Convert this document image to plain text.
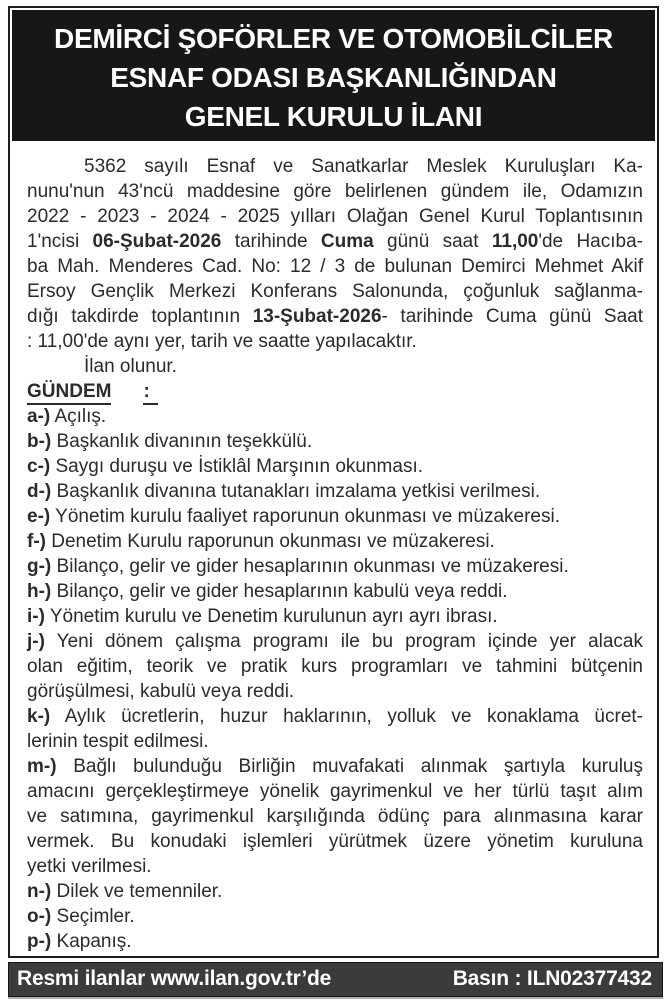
DEMİRCİ ŞOFÖRLER VE OTOMOBİLCİLER
ESNAF ODASI BAŞKANLIĞINDAN
GENEL KURULU İLANI
5362 sayılı Esnaf ve Sanatkarlar Meslek Kuruluşları Ka-
nunu'nun 43'ncü maddesine göre belirlenen gündem ile, Odamızın
2022 - 2023 - 2024 - 2025 yılları Olağan Genel Kurul Toplantısının
1'ncisi 06-Şubat-2026 tarihinde Cuma günü saat 11,00'de Hacıba-
ba Mah. Menderes Cad. No: 12 / 3 de bulunan Demirci Mehmet Akif
Ersoy Gençlik Merkezi Konferans Salonunda, çoğunluk sağlanma-
dığı takdirde toplantının 13-Şubat-2026- tarihinde Cuma günü Saat
: 11,00'de aynı yer, tarih ve saatte yapılacaktır.
İlan olunur.
GÜNDEM :
a-) Açılış.
b-) Başkanlık divanının teşekkülü.
c-) Saygı duruşu ve İstiklâl Marşının okunması.
d-) Başkanlık divanına tutanakları imzalama yetkisi verilmesi.
e-) Yönetim kurulu faaliyet raporunun okunması ve müzakeresi.
f-) Denetim Kurulu raporunun okunması ve müzakeresi.
g-) Bilanço, gelir ve gider hesaplarının okunması ve müzakeresi.
h-) Bilanço, gelir ve gider hesaplarının kabulü veya reddi.
i-) Yönetim kurulu ve Denetim kurulunun ayrı ayrı ibrası.
j-) Yeni dönem çalışma programı ile bu program içinde yer alacak
olan eğitim, teorik ve pratik kurs programları ve tahmini bütçenin
görüşülmesi, kabulü veya reddi.
k-) Aylık ücretlerin, huzur haklarının, yolluk ve konaklama ücret-
lerinin tespit edilmesi.
m-) Bağlı bulunduğu Birliğin muvafakati alınmak şartıyla kuruluş
amacını gerçekleştirmeye yönelik gayrimenkul ve her türlü taşıt alım
ve satımına, gayrimenkul karşılığında ödünç para alınmasına karar
vermek. Bu konudaki işlemleri yürütmek üzere yönetim kuruluna
yetki verilmesi.
n-) Dilek ve temenniler.
o-) Seçimler.
p-) Kapanış.
Resmi ilanlar www.ilan.gov.tr’de	Basın : ILN02377432
